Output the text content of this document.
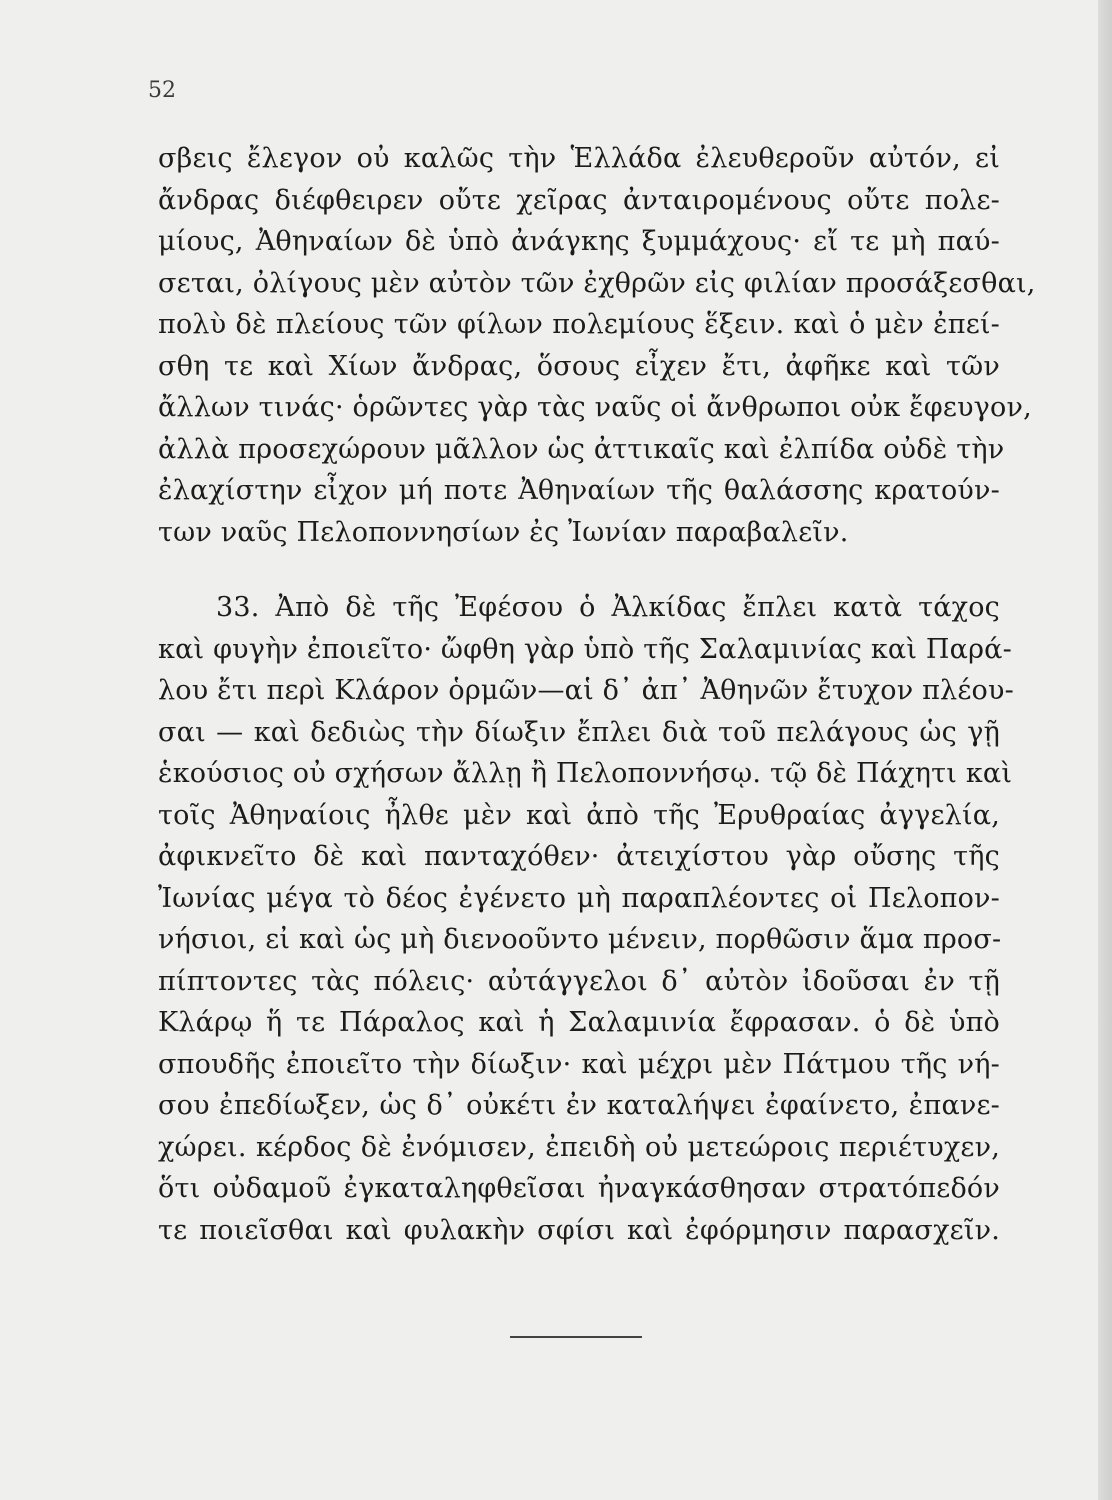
52
σβεις ἔλεγον οὐ καλῶς τὴν Ἑλλάδα ἐλευθεροῦν αὐτόν, εἰ
ἄνδρας διέφθειρεν οὔτε χεῖρας ἀνταιρομένους οὔτε πολε-
μίους, Ἀθηναίων δὲ ὑπὸ ἀνάγκης ξυμμάχους· εἴ τε μὴ παύ-
σεται, ὀλίγους μὲν αὐτὸν τῶν ἐχθρῶν εἰς φιλίαν προσάξεσθαι,
πολὺ δὲ πλείους τῶν φίλων πολεμίους ἕξειν. καὶ ὁ μὲν ἐπεί-
σθη τε καὶ Χίων ἄνδρας, ὅσους εἶχεν ἔτι, ἀφῆκε καὶ τῶν
ἄλλων τινάς· ὁρῶντες γὰρ τὰς ναῦς οἱ ἄνθρωποι οὐκ ἔφευγον,
ἀλλὰ προσεχώρουν μᾶλλον ὡς ἀττικαῖς καὶ ἐλπίδα οὐδὲ τὴν
ἐλαχίστην εἶχον μή ποτε Ἀθηναίων τῆς θαλάσσης κρατούν-
των ναῦς Πελοποννησίων ἐς Ἰωνίαν παραβαλεῖν.
33. Ἀπὸ δὲ τῆς Ἐφέσου ὁ Ἀλκίδας ἔπλει κατὰ τάχος
καὶ φυγὴν ἐποιεῖτο· ὤφθη γὰρ ὑπὸ τῆς Σαλαμινίας καὶ Παρά-
λου ἔτι περὶ Κλάρον ὁρμῶν—αἱ δ᾽ ἀπ᾽ Ἀθηνῶν ἔτυχον πλέου-
σαι — καὶ δεδιὼς τὴν δίωξιν ἔπλει διὰ τοῦ πελάγους ὡς γῇ
ἑκούσιος οὐ σχήσων ἄλλῃ ἢ Πελοποννήσῳ. τῷ δὲ Πάχητι καὶ
τοῖς Ἀθηναίοις ἦλθε μὲν καὶ ἀπὸ τῆς Ἐρυθραίας ἀγγελία,
ἀφικνεῖτο δὲ καὶ πανταχόθεν· ἀτειχίστου γὰρ οὔσης τῆς
Ἰωνίας μέγα τὸ δέος ἐγένετο μὴ παραπλέοντες οἱ Πελοπον-
νήσιοι, εἰ καὶ ὡς μὴ διενοοῦντο μένειν, πορθῶσιν ἅμα προσ-
πίπτοντες τὰς πόλεις· αὐτάγγελοι δ᾽ αὐτὸν ἰδοῦσαι ἐν τῇ
Κλάρῳ ἥ τε Πάραλος καὶ ἡ Σαλαμινία ἔφρασαν. ὁ δὲ ὑπὸ
σπουδῆς ἐποιεῖτο τὴν δίωξιν· καὶ μέχρι μὲν Πάτμου τῆς νή-
σου ἐπεδίωξεν, ὡς δ᾽ οὐκέτι ἐν καταλήψει ἐφαίνετο, ἐπανε-
χώρει. κέρδος δὲ ἐνόμισεν, ἐπειδὴ οὐ μετεώροις περιέτυχεν,
ὅτι οὐδαμοῦ ἐγκαταληφθεῖσαι ἠναγκάσθησαν στρατόπεδόν
τε ποιεῖσθαι καὶ φυλακὴν σφίσι καὶ ἐφόρμησιν παρασχεῖν.
